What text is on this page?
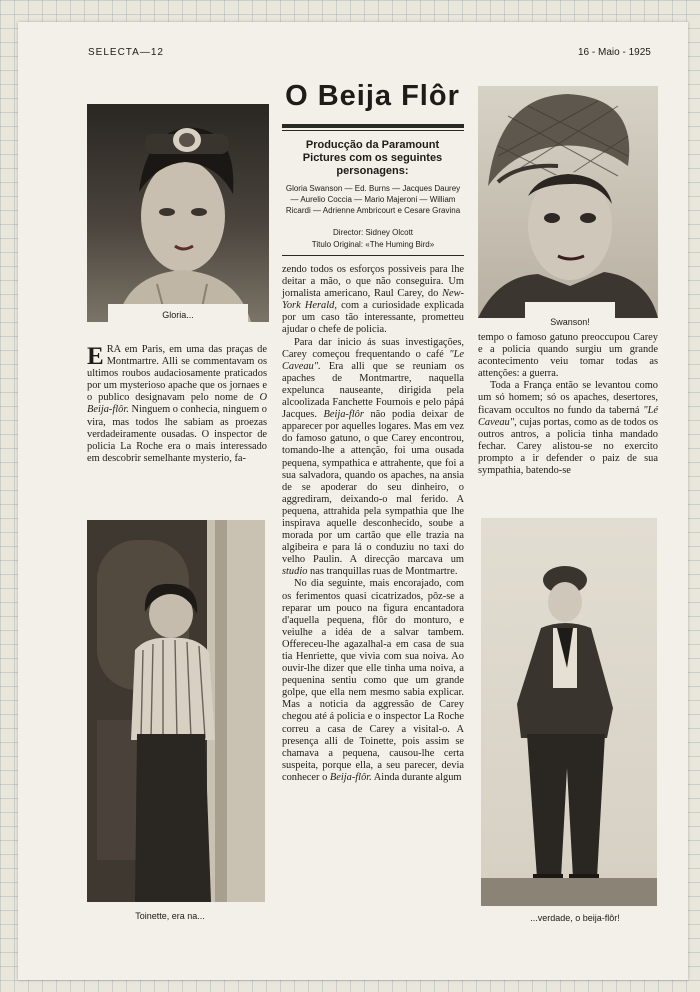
SELECTA—12	16 - Maio - 1925
O Beija Flôr
Producção da Paramount Pictures com os seguintes personagens:
Gloria Swanson — Ed. Burns — Jacques Daurey — Aurelio Coccia — Mario Majeroni — William Ricardi — Adrienne Ambricourt e Cesare Gravina
Director: Sidney Olcott
Titulo Original: «The Huming Bird»
Gloria...
Swanson!
Toinette, era na...	...verdade, o beija-flôr!

ERA em Paris, em uma das praças de Montmartre. Alli se commentavam os ultimos roubos audaciosamente praticados por um mysterioso apache que os jornaes e o publico designavam pelo nome de O Beija-flôr. Ninguem o conhecia, ninguem o vira, mas todos lhe sabiam as proezas verdadeiramente ousadas. O inspector de policia La Roche era o mais interessado em descobrir semelhante mysterio, fa-

zendo todos os esforços possiveis para lhe deitar a mão, o que não conseguira. Um jornalista americano, Raul Carey, do New-York Herald, com a curiosidade explicada por um caso tão interessante, prometteu ajudar o chefe de policia.

Para dar inicio ás suas investigações, Carey começou frequentando o café "Le Caveau". Era alli que se reuniam os apaches de Montmartre, naquella expelunca nauseante, dirigida pela alcoolizada Fanchette Fournois e pelo pápá Jacques. Beija-flôr não podia deixar de apparecer por aquelles logares. Mas em vez do famoso gatuno, o que Carey encontrou, tomando-lhe a attenção, foi uma ousada pequena, sympathica e attrahente, que foi a sua salvadora, quando os apaches, na ansia de se apoderar do seu dinheiro, o aggrediram, deixando-o mal ferido. A pequena, attrahida pela sympathia que lhe inspirava aquelle desconhecido, soube a morada por um cartão que elle trazia na algibeira e para lá o conduziu no taxi do velho Paulin. A direcção marcava um studio nas tranquillas ruas de Montmartre.

No dia seguinte, mais encorajado, com os ferimentos quasi cicatrizados, pôz-se a reparar um pouco na figura encantadora d'aquella pequena, flôr do monturo, e veiulhe a idéa de a salvar tambem. Offereceu-lhe agazalhal-a em casa de sua tia Henriette, que vivia com sua noiva. Ao ouvir-lhe dizer que elle tinha uma noiva, a pequenina sentiu como que um grande golpe, que ella nem mesmo sabia explicar. Mas a noticia da aggressão de Carey chegou até á policia e o inspector La Roche correu a casa de Carey a visital-o. A presença alli de Toinette, pois assim se chamava a pequena, causou-lhe certa suspeita, porque ella, a seu parecer, devia conhecer o Beija-flôr. Ainda durante algum

tempo o famoso gatuno preoccupou Carey e a policia quando surgiu um grande acontecimento veiu tomar todas as attenções: a guerra.

Toda a França então se levantou como um só homem; só os apaches, desertores, ficavam occultos no fundo da taberná "Lé Caveau", cujas portas, como as de todos os outros antros, a policia tinha mandado fechar. Carey alistou-se no exercito prompto a ir defender o paiz de sua sympathia, batendo-se
